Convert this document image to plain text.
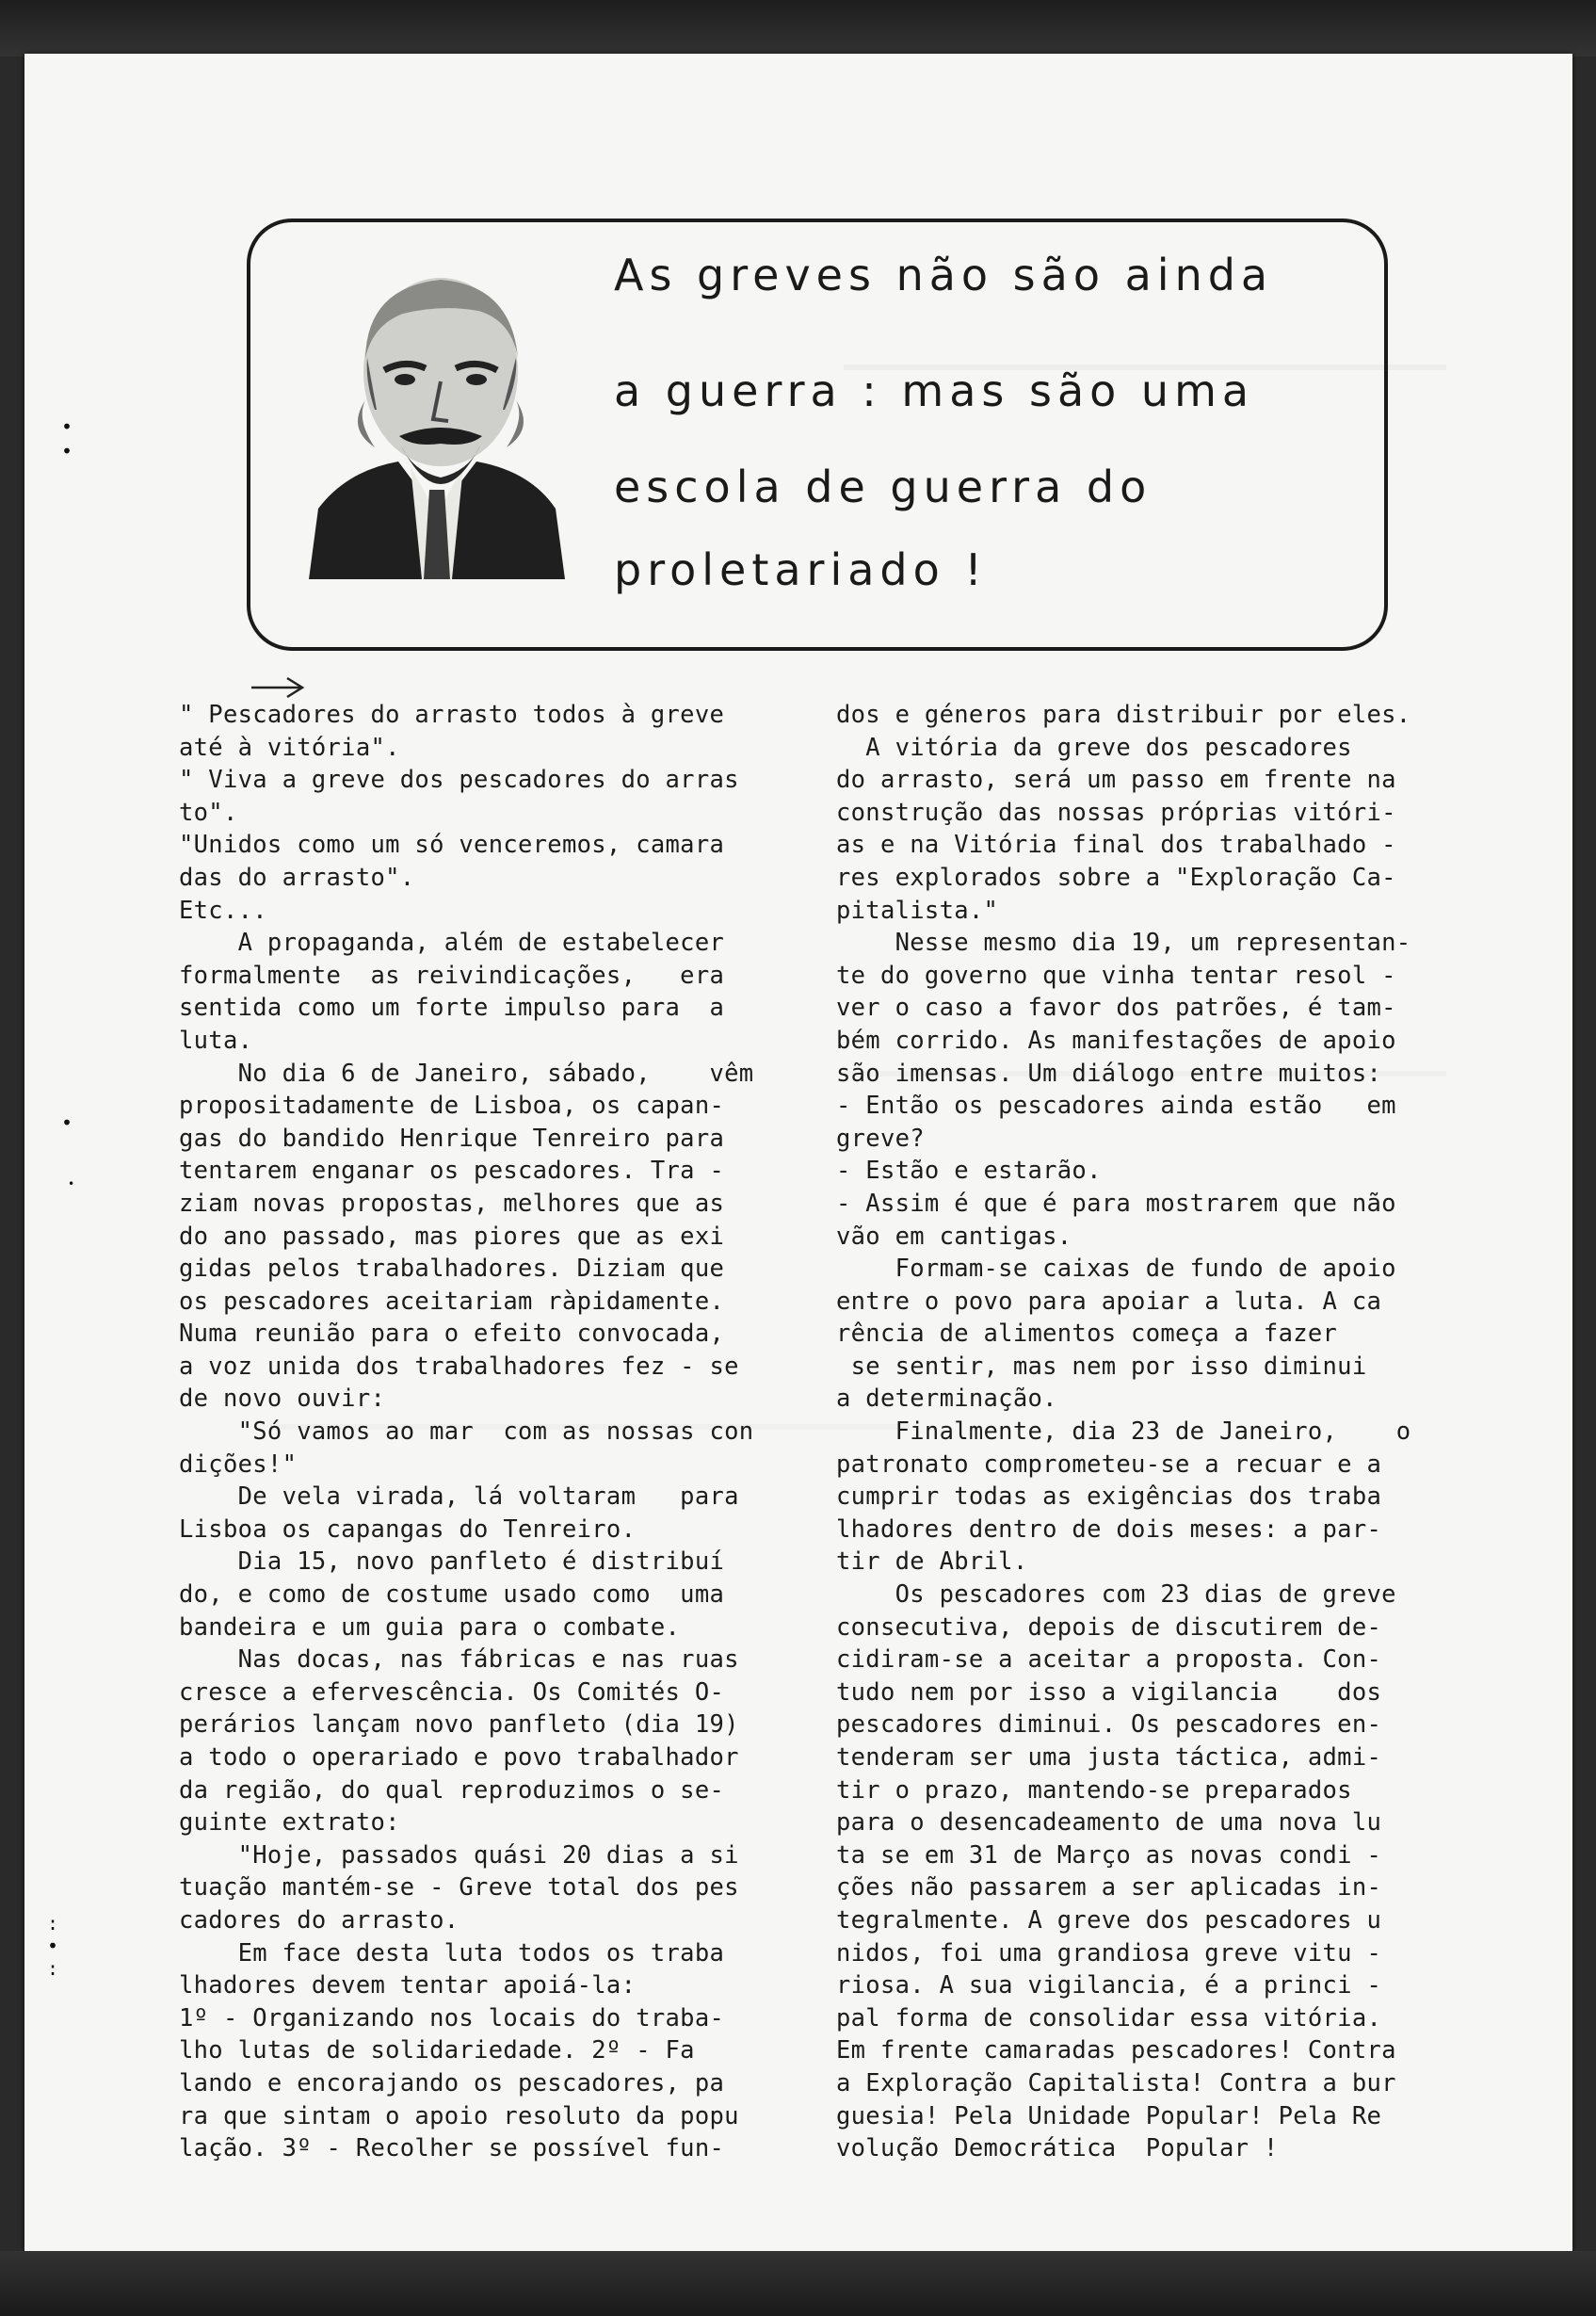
•
•
•
•
:
•
:
As greves não são ainda
a guerra : mas são uma
escola de guerra do
proletariado !
" Pescadores do arrasto todos à greve
até à vitória".
" Viva a greve dos pescadores do arras
to".
"Unidos como um só venceremos, camara
das do arrasto".
Etc...
A propaganda, além de estabelecer
formalmente  as reivindicações,   era
sentida como um forte impulso para  a
luta.
No dia 6 de Janeiro, sábado,    vêm
propositadamente de Lisboa, os capan-
gas do bandido Henrique Tenreiro para
tentarem enganar os pescadores. Tra -
ziam novas propostas, melhores que as
do ano passado, mas piores que as exi
gidas pelos trabalhadores. Diziam que
os pescadores aceitariam ràpidamente.
Numa reunião para o efeito convocada,
a voz unida dos trabalhadores fez - se
de novo ouvir:
"Só vamos ao mar  com as nossas con
dições!"
De vela virada, lá voltaram   para
Lisboa os capangas do Tenreiro.
Dia 15, novo panfleto é distribuí
do, e como de costume usado como  uma
bandeira e um guia para o combate.
Nas docas, nas fábricas e nas ruas
cresce a efervescência. Os Comités O-
perários lançam novo panfleto (dia 19)
a todo o operariado e povo trabalhador
da região, do qual reproduzimos o se-
guinte extrato:
"Hoje, passados quási 20 dias a si
tuação mantém-se - Greve total dos pes
cadores do arrasto.
Em face desta luta todos os traba
lhadores devem tentar apoiá-la:
1º - Organizando nos locais do traba-
lho lutas de solidariedade. 2º - Fa
lando e encorajando os pescadores, pa
ra que sintam o apoio resoluto da popu
lação. 3º - Recolher se possível fun-
dos e géneros para distribuir por eles.
A vitória da greve dos pescadores
do arrasto, será um passo em frente na
construção das nossas próprias vitóri-
as e na Vitória final dos trabalhado -
res explorados sobre a "Exploração Ca-
pitalista."
Nesse mesmo dia 19, um representan-
te do governo que vinha tentar resol -
ver o caso a favor dos patrões, é tam-
bém corrido. As manifestações de apoio
são imensas. Um diálogo entre muitos:
- Então os pescadores ainda estão   em
greve?
- Estão e estarão.
- Assim é que é para mostrarem que não
vão em cantigas.
Formam-se caixas de fundo de apoio
entre o povo para apoiar a luta. A ca
rência de alimentos começa a fazer
se sentir, mas nem por isso diminui
a determinação.
Finalmente, dia 23 de Janeiro,    o
patronato comprometeu-se a recuar e a
cumprir todas as exigências dos traba
lhadores dentro de dois meses: a par-
tir de Abril.
Os pescadores com 23 dias de greve
consecutiva, depois de discutirem de-
cidiram-se a aceitar a proposta. Con-
tudo nem por isso a vigilancia    dos
pescadores diminui. Os pescadores en-
tenderam ser uma justa táctica, admi-
tir o prazo, mantendo-se preparados
para o desencadeamento de uma nova lu
ta se em 31 de Março as novas condi -
ções não passarem a ser aplicadas in-
tegralmente. A greve dos pescadores u
nidos, foi uma grandiosa greve vitu -
riosa. A sua vigilancia, é a princi -
pal forma de consolidar essa vitória.
Em frente camaradas pescadores! Contra
a Exploração Capitalista! Contra a bur
guesia! Pela Unidade Popular! Pela Re
volução Democrática  Popular !
